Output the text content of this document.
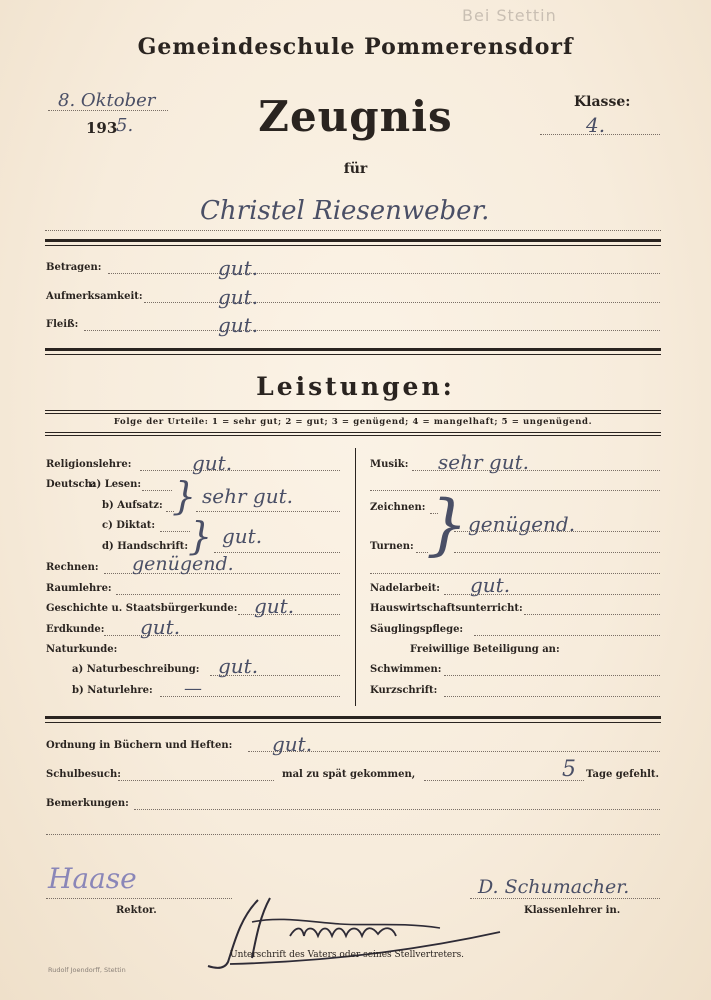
Bei Stettin
Gemeindeschule Pommerensdorf
8. Oktober
193
5.	Zeugnis	Klasse:
4.
für
Christel Riesenweber.
Betragen:	gut.
Aufmerksamkeit:	gut.
Fleiß:	gut.
Leistungen:
Folge der Urteile: 1 = sehr gut; 2 = gut; 3 = genügend; 4 = mangelhaft; 5 = ungenügend.
Religionslehre:	gut.
Deutsch:
a) Lesen:
b) Aufsatz: } sehr gut.
c) Diktat:
d) Handschrift: } gut.
Rechnen: genügend.
Raumlehre:
Geschichte u. Staatsbürgerkunde: gut.
Erdkunde: gut.
Naturkunde:
a) Naturbeschreibung: gut.
b) Naturlehre: —
Musik: sehr gut.
Zeichnen:
Turnen: } genügend.
Nadelarbeit: gut.
Hauswirtschaftsunterricht:
Säuglingspflege:
Freiwillige Beteiligung an:
Schwimmen:
Kurzschrift:
Ordnung in Büchern und Heften: gut.
Schulbesuch:	mal zu spät gekommen,	5 Tage gefehlt.
Bemerkungen:
Haase
Rektor.
D. Schumacher.
Klassenlehrer in.
Unterschrift des Vaters oder seines Stellvertreters.
Rudolf Joendorff, Stettin
